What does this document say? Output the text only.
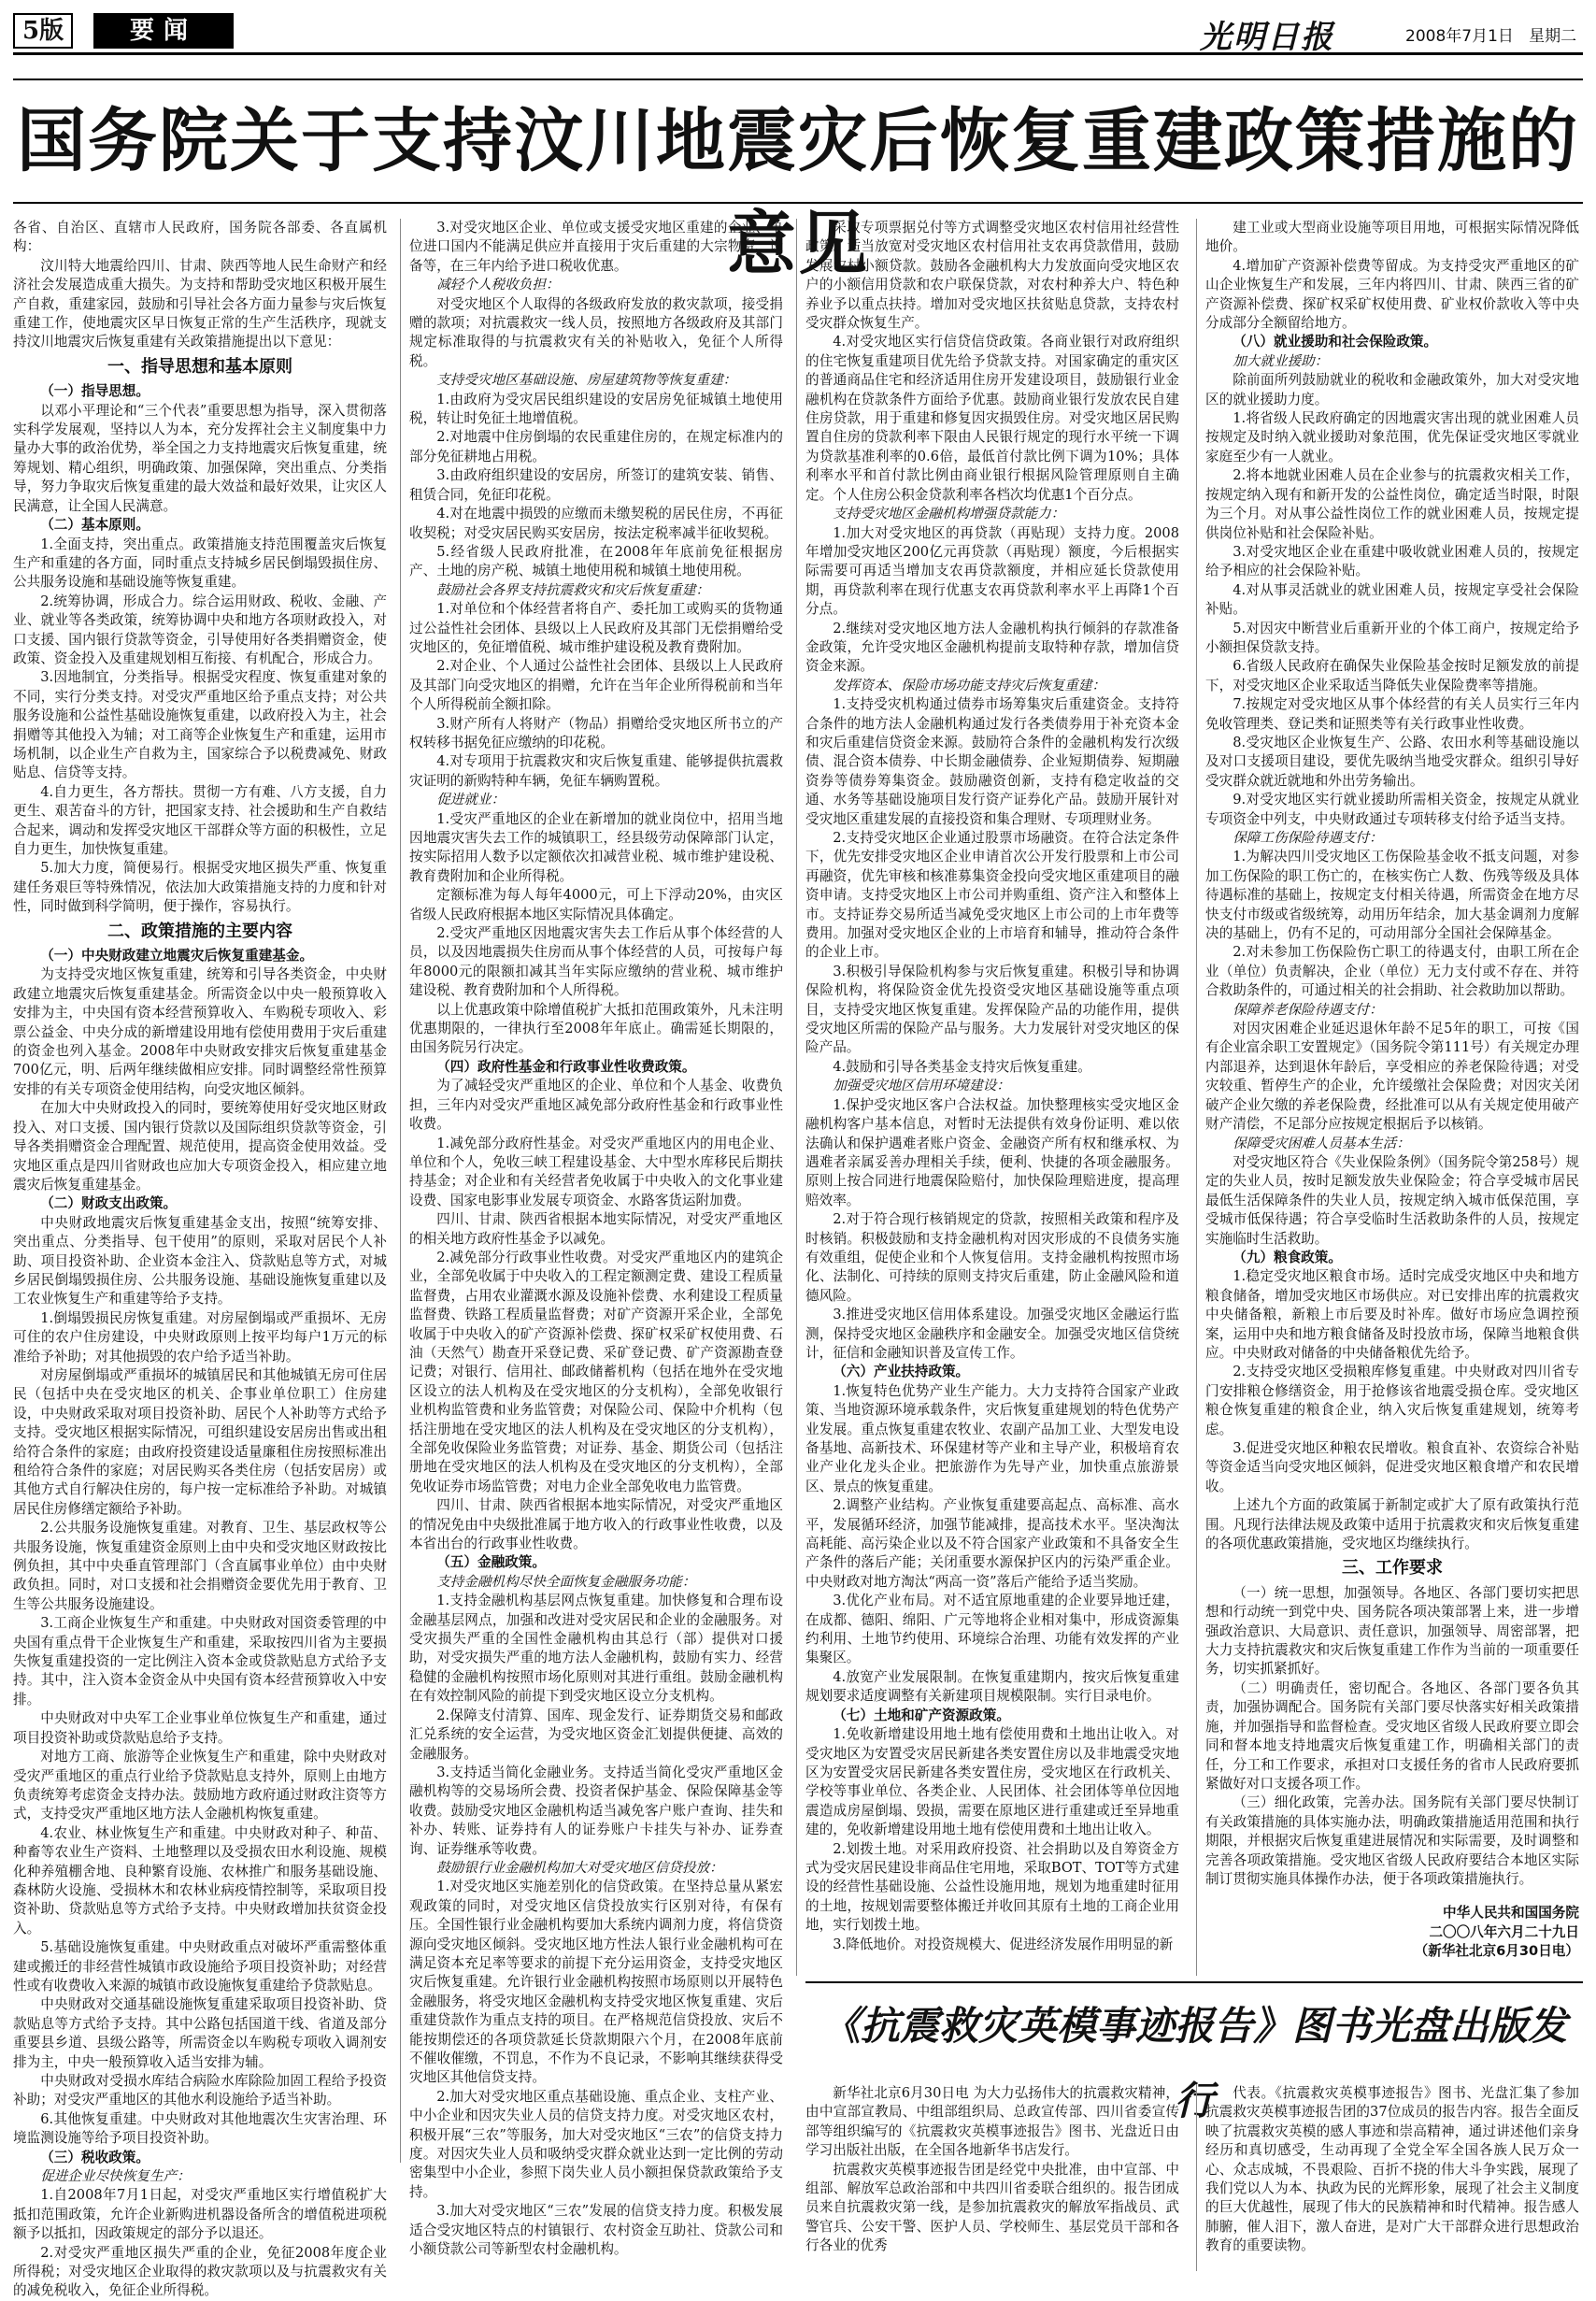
5版	要闻	光明日报	2008年7月1日 星期二
国务院关于支持汶川地震灾后恢复重建政策措施的意见

各省、自治区、直辖市人民政府，国务院各部委、各直属机构：

汶川特大地震给四川、甘肃、陕西等地人民生命财产和经济社会发展造成重大损失。为支持和帮助受灾地区积极开展生产自救，重建家园，鼓励和引导社会各方面力量参与灾后恢复重建工作，使地震灾区早日恢复正常的生产生活秩序，现就支持汶川地震灾后恢复重建有关政策措施提出以下意见：

一、指导思想和基本原则

（一）指导思想。

以邓小平理论和“三个代表”重要思想为指导，深入贯彻落实科学发展观，坚持以人为本，充分发挥社会主义制度集中力量办大事的政治优势，举全国之力支持地震灾后恢复重建，统筹规划、精心组织，明确政策、加强保障，突出重点、分类指导，努力争取灾后恢复重建的最大效益和最好效果，让灾区人民满意，让全国人民满意。

（二）基本原则。

1.全面支持，突出重点。政策措施支持范围覆盖灾后恢复生产和重建的各方面，同时重点支持城乡居民倒塌毁损住房、公共服务设施和基础设施等恢复重建。

2.统筹协调，形成合力。综合运用财政、税收、金融、产业、就业等各类政策，统筹协调中央和地方各项财政投入，对口支援、国内银行贷款等资金，引导使用好各类捐赠资金，使政策、资金投入及重建规划相互衔接、有机配合，形成合力。

3.因地制宜，分类指导。根据受灾程度、恢复重建对象的不同，实行分类支持。对受灾严重地区给予重点支持；对公共服务设施和公益性基础设施恢复重建，以政府投入为主，社会捐赠等其他投入为辅；对工商等企业恢复生产和重建，运用市场机制，以企业生产自救为主，国家综合予以税费减免、财政贴息、信贷等支持。

4.自力更生，各方帮扶。贯彻一方有难、八方支援，自力更生、艰苦奋斗的方针，把国家支持、社会援助和生产自救结合起来，调动和发挥受灾地区干部群众等方面的积极性，立足自力更生，加快恢复重建。

5.加大力度，简便易行。根据受灾地区损失严重、恢复重建任务艰巨等特殊情况，依法加大政策措施支持的力度和针对性，同时做到科学简明，便于操作，容易执行。

二、政策措施的主要内容

（一）中央财政建立地震灾后恢复重建基金。

为支持受灾地区恢复重建，统筹和引导各类资金，中央财政建立地震灾后恢复重建基金。所需资金以中央一般预算收入安排为主，中央国有资本经营预算收入、车购税专项收入、彩票公益金、中央分成的新增建设用地有偿使用费用于灾后重建的资金也列入基金。2008年中央财政安排灾后恢复重建基金700亿元，明、后两年继续做相应安排。同时调整经常性预算安排的有关专项资金使用结构，向受灾地区倾斜。

在加大中央财政投入的同时，要统筹使用好受灾地区财政投入、对口支援、国内银行贷款以及国际组织贷款等资金，引导各类捐赠资金合理配置、规范使用，提高资金使用效益。受灾地区重点是四川省财政也应加大专项资金投入，相应建立地震灾后恢复重建基金。

（二）财政支出政策。

中央财政地震灾后恢复重建基金支出，按照“统筹安排、突出重点、分类指导、包干使用”的原则，采取对居民个人补助、项目投资补助、企业资本金注入、贷款贴息等方式，对城乡居民倒塌毁损住房、公共服务设施、基础设施恢复重建以及工农业恢复生产和重建等给予支持。

1.倒塌毁损民房恢复重建。对房屋倒塌或严重损坏、无房可住的农户住房建设，中央财政原则上按平均每户1万元的标准给予补助；对其他损毁的农户给予适当补助。

对房屋倒塌或严重损坏的城镇居民和其他城镇无房可住居民（包括中央在受灾地区的机关、企事业单位职工）住房建设，中央财政采取对项目投资补助、居民个人补助等方式给予支持。受灾地区根据实际情况，可组织建设安居房出售或出租给符合条件的家庭；由政府投资建设适量廉租住房按照标准出租给符合条件的家庭；对居民购买各类住房（包括安居房）或其他方式自行解决住房的，每户按一定标准给予补助。对城镇居民住房修缮定额给予补助。

2.公共服务设施恢复重建。对教育、卫生、基层政权等公共服务设施，恢复重建资金原则上由中央和受灾地区财政按比例负担，其中中央垂直管理部门（含直属事业单位）由中央财政负担。同时，对口支援和社会捐赠资金要优先用于教育、卫生等公共服务设施建设。

3.工商企业恢复生产和重建。中央财政对国资委管理的中央国有重点骨干企业恢复生产和重建，采取按四川省为主要损失恢复重建投资的一定比例注入资本金或贷款贴息方式给予支持。其中，注入资本金资金从中央国有资本经营预算收入中安排。

中央财政对中央军工企业事业单位恢复生产和重建，通过项目投资补助或贷款贴息给予支持。

对地方工商、旅游等企业恢复生产和重建，除中央财政对受灾严重地区的重点行业给予贷款贴息支持外，原则上由地方负责统筹考虑资金支持办法。鼓励地方政府通过财政注资等方式，支持受灾严重地区地方法人金融机构恢复重建。

4.农业、林业恢复生产和重建。中央财政对种子、种苗、种畜等农业生产资料、土地整理以及受损农田水利设施、规模化种养殖棚舍地、良种繁育设施、农林推广和服务基础设施、森林防火设施、受损林木和农林业病疫情控制等，采取项目投资补助、贷款贴息等方式给予支持。中央财政增加扶贫资金投入。

5.基础设施恢复重建。中央财政重点对破坏严重需整体重建或搬迁的非经营性城镇市政设施给予项目投资补助；对经营性或有收费收入来源的城镇市政设施恢复重建给予贷款贴息。

中央财政对交通基础设施恢复重建采取项目投资补助、贷款贴息等方式给予支持。其中公路包括国道干线、省道及部分重要县乡道、县级公路等，所需资金以车购税专项收入调剂安排为主，中央一般预算收入适当安排为辅。

中央财政对受损水库结合病险水库除险加固工程给予投资补助；对受灾严重地区的其他水利设施给予适当补助。

6.其他恢复重建。中央财政对其他地震次生灾害治理、环境监测设施等给予项目投资补助。

（三）税收政策。

促进企业尽快恢复生产：

1.自2008年7月1日起，对受灾严重地区实行增值税扩大抵扣范围政策，允许企业新购进机器设备所含的增值税进项税额予以抵扣，因政策规定的部分予以退还。

2.对受灾严重地区损失严重的企业，免征2008年度企业所得税；对受灾地区企业取得的救灾款项以及与抗震救灾有关的减免税收入，免征企业所得税。

3.对受灾地区企业、单位或支援受灾地区重建的企业、单位进口国内不能满足供应并直接用于灾后重建的大宗物资、设备等，在三年内给予进口税收优惠。

减轻个人税收负担：

对受灾地区个人取得的各级政府发放的救灾款项，接受捐赠的款项；对抗震救灾一线人员，按照地方各级政府及其部门规定标准取得的与抗震救灾有关的补贴收入，免征个人所得税。

支持受灾地区基础设施、房屋建筑物等恢复重建：

1.由政府为受灾居民组织建设的安居房免征城镇土地使用税，转让时免征土地增值税。

2.对地震中住房倒塌的农民重建住房的，在规定标准内的部分免征耕地占用税。

3.由政府组织建设的安居房，所签订的建筑安装、销售、租赁合同，免征印花税。

4.对在地震中损毁的应缴而未缴契税的居民住房，不再征收契税；对受灾居民购买安居房，按法定税率减半征收契税。

5.经省级人民政府批准，在2008年年底前免征根据房产、土地的房产税、城镇土地使用税和城镇土地使用税。

鼓励社会各界支持抗震救灾和灾后恢复重建：

1.对单位和个体经营者将自产、委托加工或购买的货物通过公益性社会团体、县级以上人民政府及其部门无偿捐赠给受灾地区的，免征增值税、城市维护建设税及教育费附加。

2.对企业、个人通过公益性社会团体、县级以上人民政府及其部门向受灾地区的捐赠，允许在当年企业所得税前和当年个人所得税前全额扣除。

3.财产所有人将财产（物品）捐赠给受灾地区所书立的产权转移书据免征应缴纳的印花税。

4.对专项用于抗震救灾和灾后恢复重建、能够提供抗震救灾证明的新购特种车辆，免征车辆购置税。

促进就业：

1.受灾严重地区的企业在新增加的就业岗位中，招用当地因地震灾害失去工作的城镇职工，经县级劳动保障部门认定，按实际招用人数予以定额依次扣减营业税、城市维护建设税、教育费附加和企业所得税。

定额标准为每人每年4000元，可上下浮动20%，由灾区省级人民政府根据本地区实际情况具体确定。

2.受灾严重地区因地震灾害失去工作后从事个体经营的人员，以及因地震损失住房而从事个体经营的人员，可按每户每年8000元的限额扣减其当年实际应缴纳的营业税、城市维护建设税、教育费附加和个人所得税。

以上优惠政策中除增值税扩大抵扣范围政策外，凡未注明优惠期限的，一律执行至2008年年底止。确需延长期限的，由国务院另行决定。

（四）政府性基金和行政事业性收费政策。

为了减轻受灾严重地区的企业、单位和个人基金、收费负担，三年内对受灾严重地区减免部分政府性基金和行政事业性收费。

1.减免部分政府性基金。对受灾严重地区内的用电企业、单位和个人，免收三峡工程建设基金、大中型水库移民后期扶持基金；对企业和有关经营者免收属于中央收入的文化事业建设费、国家电影事业发展专项资金、水路客货运附加费。

四川、甘肃、陕西省根据本地实际情况，对受灾严重地区的相关地方政府性基金予以减免。

2.减免部分行政事业性收费。对受灾严重地区内的建筑企业，全部免收属于中央收入的工程定额测定费、建设工程质量监督费，占用农业灌溉水源及设施补偿费、水利建设工程质量监督费、铁路工程质量监督费；对矿产资源开采企业，全部免收属于中央收入的矿产资源补偿费、探矿权采矿权使用费、石油（天然气）勘查开采登记费、采矿登记费、矿产资源勘查登记费；对银行、信用社、邮政储蓄机构（包括在地外在受灾地区设立的法人机构及在受灾地区的分支机构），全部免收银行业机构监管费和业务监管费；对保险公司、保险中介机构（包括注册地在受灾地区的法人机构及在受灾地区的分支机构），全部免收保险业务监管费；对证券、基金、期货公司（包括注册地在受灾地区的法人机构及在受灾地区的分支机构），全部免收证券市场监管费；对电力企业全部免收电力监管费。

四川、甘肃、陕西省根据本地实际情况，对受灾严重地区的情况免由中央级批准属于地方收入的行政事业性收费，以及本省出台的行政事业性收费。

（五）金融政策。

支持金融机构尽快全面恢复金融服务功能：

1.支持金融机构基层网点恢复重建。加快修复和合理布设金融基层网点，加强和改进对受灾居民和企业的金融服务。对受灾损失严重的全国性金融机构由其总行（部）提供对口援助，对受灾损失严重的地方法人金融机构，鼓励有实力、经营稳健的金融机构按照市场化原则对其进行重组。鼓励金融机构在有效控制风险的前提下到受灾地区设立分支机构。

2.保障支付清算、国库、现金发行、证券期货交易和邮政汇兑系统的安全运营，为受灾地区资金汇划提供便捷、高效的金融服务。

3.支持适当简化金融业务。支持适当简化受灾严重地区金融机构等的交易场所会费、投资者保护基金、保险保障基金等收费。鼓励受灾地区金融机构适当减免客户账户查询、挂失和补办、转账、证券持有人的证券账户卡挂失与补办、证券查询、证券继承等收费。

鼓励银行业金融机构加大对受灾地区信贷投放：

1.对受灾地区实施差别化的信贷政策。在坚持总量从紧宏观政策的同时，对受灾地区信贷投放实行区别对待，有保有压。全国性银行业金融机构要加大系统内调剂力度，将信贷资源向受灾地区倾斜。受灾地区地方性法人银行业金融机构可在满足资本充足率等要求的前提下充分运用资金，支持受灾地区灾后恢复重建。允许银行业金融机构按照市场原则以开展特色金融服务，将受灾地区金融机构支持受灾地区恢复重建、灾后重建贷款作为重点支持的项目。在严格规范信贷投放、灾后不能按期偿还的各项贷款延长贷款期限六个月，在2008年底前不催收催缴，不罚息，不作为不良记录，不影响其继续获得受灾地区其他信贷支持。

2.加大对受灾地区重点基础设施、重点企业、支柱产业、中小企业和因灾失业人员的信贷支持力度。对受灾地区农村，积极开展“三农”等服务，加大对受灾地区“三农”的信贷支持力度。对因灾失业人员和吸纳受灾群众就业达到一定比例的劳动密集型中小企业，参照下岗失业人员小额担保贷款政策给予支持。

3.加大对受灾地区“三农”发展的信贷支持力度。积极发展适合受灾地区特点的村镇银行、农村资金互助社、贷款公司和小额贷款公司等新型农村金融机构。

采取专项票据兑付等方式调整受灾地区农村信用社经营性政策。适当放宽对受灾地区农村信用社支农再贷款借用，鼓励发展农村小额贷款。鼓励各金融机构大力发放面向受灾地区农户的小额信用贷款和农户联保贷款，对农村种养大户、特色种养业予以重点扶持。增加对受灾地区扶贫贴息贷款，支持农村受灾群众恢复生产。

4.对受灾地区实行信贷信贷政策。各商业银行对政府组织的住宅恢复重建项目优先给予贷款支持。对国家确定的重灾区的普通商品住宅和经济适用住房开发建设项目，鼓励银行业金融机构在贷款条件方面给予优惠。鼓励商业银行发放农民自建住房贷款，用于重建和修复因灾损毁住房。对受灾地区居民购置自住房的贷款利率下限由人民银行规定的现行水平统一下调为贷款基准利率的0.6倍，最低首付款比例下调为10%；具体利率水平和首付款比例由商业银行根据风险管理原则自主确定。个人住房公积金贷款利率各档次均优惠1个百分点。

支持受灾地区金融机构增强贷款能力：

1.加大对受灾地区的再贷款（再贴现）支持力度。2008年增加受灾地区200亿元再贷款（再贴现）额度，今后根据实际需要可再适当增加支农再贷款额度，并相应延长贷款使用期，再贷款利率在现行优惠支农再贷款利率水平上再降1个百分点。

2.继续对受灾地区地方法人金融机构执行倾斜的存款准备金政策，允许受灾地区金融机构提前支取特种存款，增加信贷资金来源。

发挥资本、保险市场功能支持灾后恢复重建：

1.支持受灾机构通过债券市场筹集灾后重建资金。支持符合条件的地方法人金融机构通过发行各类债券用于补充资本金和灾后重建信贷资金来源。鼓励符合条件的金融机构发行次级债、混合资本债券、中长期金融债券、企业短期债券、短期融资券等债券筹集资金。鼓励融资创新，支持有稳定收益的交通、水务等基础设施项目发行资产证券化产品。鼓励开展针对受灾地区重建发展的直接投资和集合理财、专项理财业务。

2.支持受灾地区企业通过股票市场融资。在符合法定条件下，优先安排受灾地区企业申请首次公开发行股票和上市公司再融资，优先审核和核准募集资金投向受灾地区重建项目的融资申请。支持受灾地区上市公司并购重组、资产注入和整体上市。支持证券交易所适当减免受灾地区上市公司的上市年费等费用。加强对受灾地区企业的上市培育和辅导，推动符合条件的企业上市。

3.积极引导保险机构参与灾后恢复重建。积极引导和协调保险机构，将保险资金优先投资受灾地区基础设施等重点项目，支持受灾地区恢复重建。发挥保险产品的功能作用，提供受灾地区所需的保险产品与服务。大力发展针对受灾地区的保险产品。

4.鼓励和引导各类基金支持灾后恢复重建。

加强受灾地区信用环境建设：

1.保护受灾地区客户合法权益。加快整理核实受灾地区金融机构客户基本信息，对暂时无法提供有效身份证明、难以依法确认和保护遇难者账户资金、金融资产所有权和继承权、为遇难者亲属妥善办理相关手续，便利、快捷的各项金融服务。原则上按合同进行地震保险赔付，加快保险理赔进度，提高理赔效率。

2.对于符合现行核销规定的贷款，按照相关政策和程序及时核销。积极鼓励和支持金融机构对因灾形成的不良债务实施有效重组，促使企业和个人恢复信用。支持金融机构按照市场化、法制化、可持续的原则支持灾后重建，防止金融风险和道德风险。

3.推进受灾地区信用体系建设。加强受灾地区金融运行监测，保持受灾地区金融秩序和金融安全。加强受灾地区信贷统计，征信和金融知识普及宣传工作。

（六）产业扶持政策。

1.恢复特色优势产业生产能力。大力支持符合国家产业政策、当地资源环境承载条件，灾后恢复重建规划的特色优势产业发展。重点恢复重建农牧业、农副产品加工业、大型发电设备基地、高新技术、环保建材等产业和主导产业，积极培育农业产业化龙头企业。把旅游作为先导产业，加快重点旅游景区、景点的恢复重建。

2.调整产业结构。产业恢复重建要高起点、高标准、高水平，发展循环经济，加强节能减排，提高技术水平。坚决淘汰高耗能、高污染企业以及不符合国家产业政策和不具备安全生产条件的落后产能；关闭重要水源保护区内的污染严重企业。中央财政对地方淘汰“两高一资”落后产能给予适当奖励。

3.优化产业布局。对不适宜原地重建的企业要异地迁建，在成都、德阳、绵阳、广元等地将企业相对集中，形成资源集约利用、土地节约使用、环境综合治理、功能有效发挥的产业集聚区。

4.放宽产业发展限制。在恢复重建期内，按灾后恢复重建规划要求适度调整有关新建项目规模限制。实行目录电价。

（七）土地和矿产资源政策。

1.免收新增建设用地土地有偿使用费和土地出让收入。对受灾地区为安置受灾居民新建各类安置住房以及非地震受灾地区为安置受灾居民新建各类安置住房，受灾地区在行政机关、学校等事业单位、各类企业、人民团体、社会团体等单位因地震造成房屋倒塌、毁损，需要在原地区进行重建或迁至异地重建的，免收新增建设用地土地有偿使用费和土地出让收入。

2.划拨土地。对采用政府投资、社会捐助以及自筹资金方式为受灾居民建设非商品住宅用地，采取BOT、TOT等方式建设的经营性基础设施、公益性设施用地，规划为地重建时征用的土地，按规划需要整体搬迁并收回其原有土地的工商企业用地，实行划拨土地。

3.降低地价。对投资规模大、促进经济发展作用明显的新

建工业或大型商业设施等项目用地，可根据实际情况降低地价。

4.增加矿产资源补偿费等留成。为支持受灾严重地区的矿山企业恢复生产和发展，三年内将四川、甘肃、陕西三省的矿产资源补偿费、探矿权采矿权使用费、矿业权价款收入等中央分成部分全额留给地方。

（八）就业援助和社会保险政策。

加大就业援助：

除前面所列鼓励就业的税收和金融政策外，加大对受灾地区的就业援助力度。

1.将省级人民政府确定的因地震灾害出现的就业困难人员按规定及时纳入就业援助对象范围，优先保证受灾地区零就业家庭至少有一人就业。

2.将本地就业困难人员在企业参与的抗震救灾相关工作，按规定纳入现有和新开发的公益性岗位，确定适当时限，时限为三个月。对从事公益性岗位工作的就业困难人员，按规定提供岗位补贴和社会保险补贴。

3.对受灾地区企业在重建中吸收就业困难人员的，按规定给予相应的社会保险补贴。

4.对从事灵活就业的就业困难人员，按规定享受社会保险补贴。

5.对因灾中断营业后重新开业的个体工商户，按规定给予小额担保贷款支持。

6.省级人民政府在确保失业保险基金按时足额发放的前提下，对受灾地区企业采取适当降低失业保险费率等措施。

7.按规定对受灾地区从事个体经营的有关人员实行三年内免收管理类、登记类和证照类等有关行政事业性收费。

8.受灾地区企业恢复生产、公路、农田水利等基础设施以及对口支援项目建设，要优先吸纳当地受灾群众。组织引导好受灾群众就近就地和外出劳务输出。

9.对受灾地区实行就业援助所需相关资金，按规定从就业专项资金中列支，中央财政通过专项转移支付给予适当支持。

保障工伤保险待遇支付：

1.为解决四川受灾地区工伤保险基金收不抵支问题，对参加工伤保险的职工伤亡的，在核实伤亡人数、伤残等级及具体待遇标准的基础上，按规定支付相关待遇，所需资金在地方尽快支付市级或省级统筹，动用历年结余，加大基金调剂力度解决的基础上，仍有不足的，可动用部分全国社会保障基金。

2.对未参加工伤保险伤亡职工的待遇支付，由职工所在企业（单位）负责解决，企业（单位）无力支付或不存在、并符合救助条件的，可通过相关的社会捐助、社会救助加以帮助。

保障养老保险待遇支付：

对因灾困难企业延迟退休年龄不足5年的职工，可按《国有企业富余职工安置规定》（国务院令第111号）有关规定办理内部退养，达到退休年龄后，享受相应的养老保险待遇；对受灾较重、暂停生产的企业，允许缓缴社会保险费；对因灾关闭破产企业欠缴的养老保险费，经批准可以从有关规定使用破产财产清偿，不足部分应按规定根据后予以核销。

保障受灾困难人员基本生活：

对受灾地区符合《失业保险条例》（国务院令第258号）规定的失业人员，按时足额发放失业保险金；符合享受城市居民最低生活保障条件的失业人员，按规定纳入城市低保范围，享受城市低保待遇；符合享受临时生活救助条件的人员，按规定实施临时生活救助。

（九）粮食政策。

1.稳定受灾地区粮食市场。适时完成受灾地区中央和地方粮食储备，增加受灾地区市场供应。对已安排出库的抗震救灾中央储备粮，新粮上市后要及时补库。做好市场应急调控预案，运用中央和地方粮食储备及时投放市场，保障当地粮食供应。中央财政对储备的中央储备粮优先给予。

2.支持受灾地区受损粮库修复重建。中央财政对四川省专门安排粮仓修缮资金，用于抢修该省地震受损仓库。受灾地区粮仓恢复重建的粮食企业，纳入灾后恢复重建规划，统筹考虑。

3.促进受灾地区种粮农民增收。粮食直补、农资综合补贴等资金适当向受灾地区倾斜，促进受灾地区粮食增产和农民增收。

上述九个方面的政策属于新制定或扩大了原有政策执行范围。凡现行法律法规及政策中适用于抗震救灾和灾后恢复重建的各项优惠政策措施，受灾地区均继续执行。

三、工作要求

（一）统一思想，加强领导。各地区、各部门要切实把思想和行动统一到党中央、国务院各项决策部署上来，进一步增强政治意识、大局意识、责任意识，加强领导、周密部署，把大力支持抗震救灾和灾后恢复重建工作作为当前的一项重要任务，切实抓紧抓好。

（二）明确责任，密切配合。各地区、各部门要各负其责，加强协调配合。国务院有关部门要尽快落实好相关政策措施，并加强指导和监督检查。受灾地区省级人民政府要立即会同和督本地支持地震灾后恢复重建工作，明确相关部门的责任，分工和工作要求，承担对口支援任务的省市人民政府要抓紧做好对口支援各项工作。

（三）细化政策，完善办法。国务院有关部门要尽快制订有关政策措施的具体实施办法，明确政策措施适用范围和执行期限，并根据灾后恢复重建进展情况和实际需要，及时调整和完善各项政策措施。受灾地区省级人民政府要结合本地区实际制订贯彻实施具体操作办法，便于各项政策措施执行。

中华人民共和国国务院
二〇〇八年六月二十九日
（新华社北京6月30日电）
《抗震救灾英模事迹报告》图书光盘出版发行

新华社北京6月30日电 为大力弘扬伟大的抗震救灾精神，由中宣部宣教局、中组部组织局、总政宣传部、四川省委宣传部等组织编写的《抗震救灾英模事迹报告》图书、光盘近日由学习出版社出版，在全国各地新华书店发行。

抗震救灾英模事迹报告团是经党中央批准，由中宣部、中组部、解放军总政治部和中共四川省委联合组织的。报告团成员来自抗震救灾第一线，是参加抗震救灾的解放军指战员、武警官兵、公安干警、医护人员、学校师生、基层党员干部和各行各业的优秀

代表。《抗震救灾英模事迹报告》图书、光盘汇集了参加抗震救灾英模事迹报告团的37位成员的报告内容。报告全面反映了抗震救灾英模的感人事迹和崇高精神，通过讲述他们亲身经历和真切感受，生动再现了全党全军全国各族人民万众一心、众志成城，不畏艰险、百折不挠的伟大斗争实践，展现了我们党以人为本、执政为民的光辉形象，展现了社会主义制度的巨大优越性，展现了伟大的民族精神和时代精神。报告感人肺腑，催人泪下，激人奋进，是对广大干部群众进行思想政治教育的重要读物。
